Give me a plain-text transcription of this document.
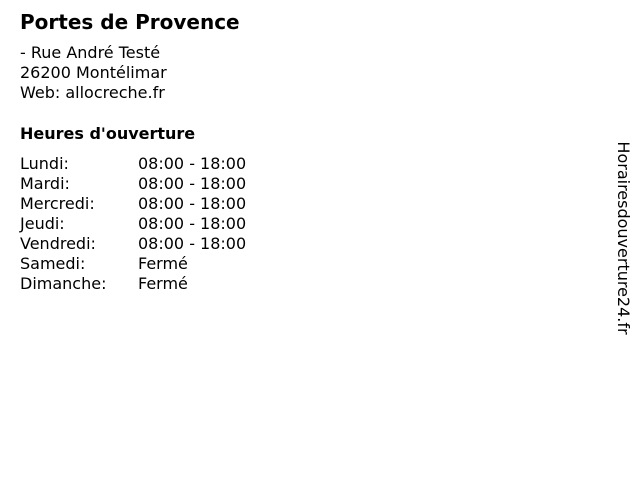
Portes de Provence
- Rue André Testé
26200 Montélimar
Web: allocreche.fr
Heures d'ouverture
Lundi:	08:00 - 18:00
Mardi:	08:00 - 18:00
Mercredi:	08:00 - 18:00
Jeudi:	08:00 - 18:00
Vendredi:	08:00 - 18:00
Samedi:	Fermé
Dimanche:	Fermé	Horairesdouverture24.fr
